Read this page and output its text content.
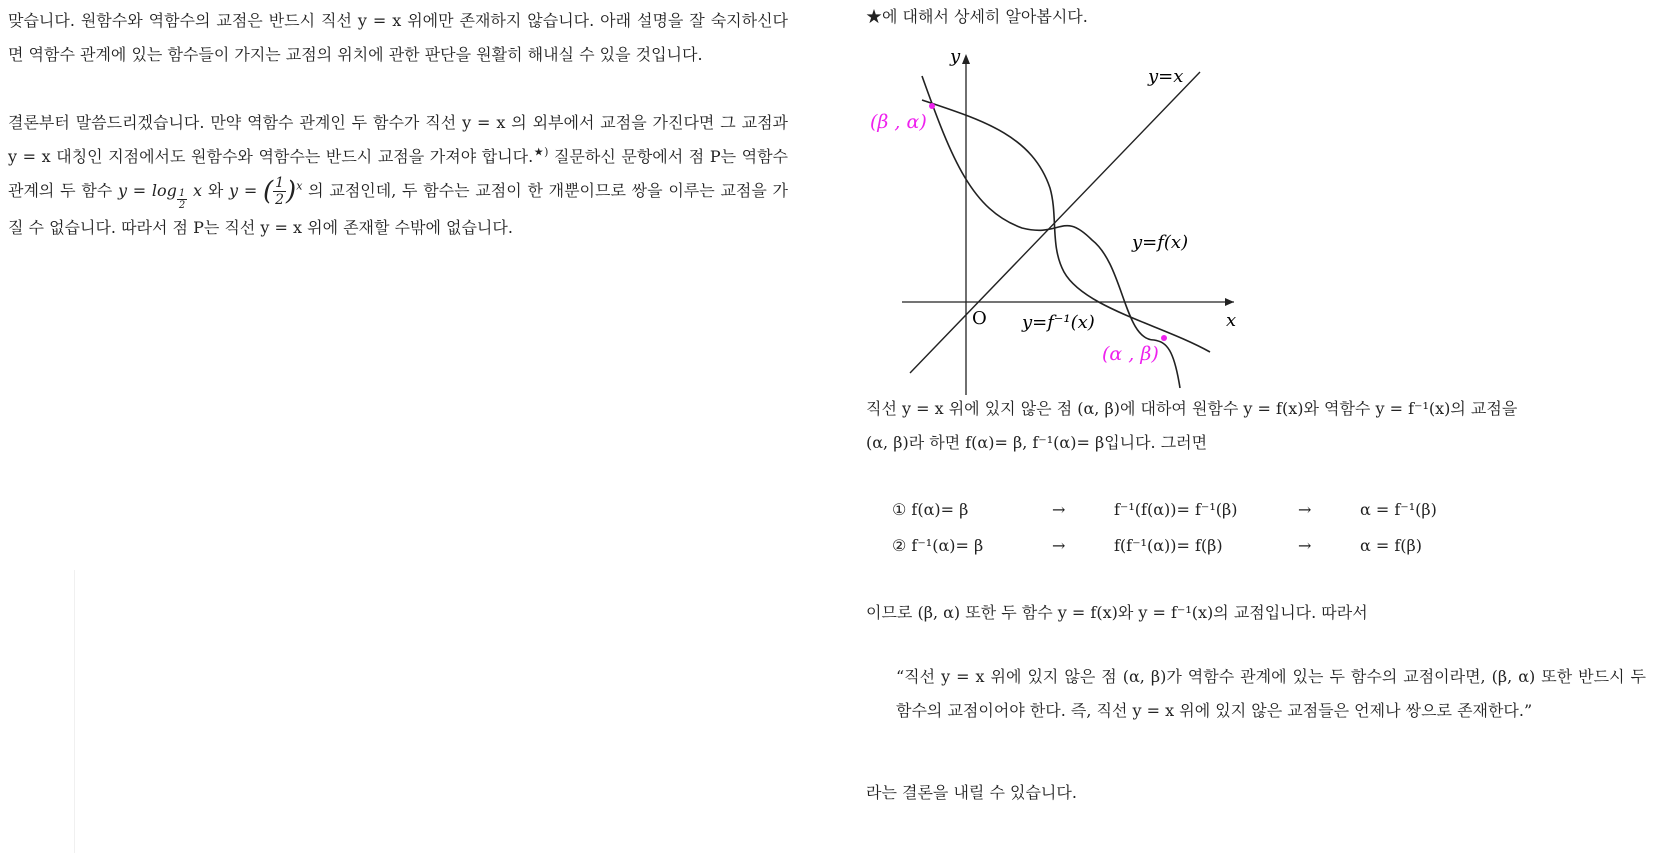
맞습니다. 원함수와 역함수의 교점은 반드시 직선 y = x 위에만 존재하지 않습니다. 아래 설명을 잘 숙지하신다면 역함수 관계에 있는 함수들이 가지는 교점의 위치에 관한 판단을 원활히 해내실 수 있을 것입니다.

결론부터 말씀드리겠습니다. 만약 역함수 관계인 두 함수가 직선 y = x 의 외부에서 교점을 가진다면 그 교점과 y = x 대칭인 지점에서도 원함수와 역함수는 반드시 교점을 가져야 합니다.★) 질문하신 문항에서 점 P는 역함수 관계의 두 함수 $y = \log \frac{1}{2}$ x 와 y = ( $\frac{1}{2} )^x$ 의 교점인데, 두 함수는 교점이 한 개뿐이므로 쌍을 이루는 교점을 가질 수 없습니다. 따라서 점 P는 직선 y = x 위에 존재할 수밖에 없습니다.

★에 대해서 상세히 알아봅시다.

y
x
O
y=x
y=f(x)
y=f⁻¹(x)
(β , α)
(α , β)

직선 y = x 위에 있지 않은 점 (α, β)에 대하여 원함수 y = f(x)와 역함수 y = f⁻¹(x)의 교점을

(α, β)라 하면 f(α)= β, f⁻¹(α)= β입니다. 그러면

① f(α)= β	→	f⁻¹(f(α))= f⁻¹(β)	→	α = f⁻¹(β)
② f⁻¹(α)= β	→	f(f⁻¹(α))= f(β)	→	α = f(β)

이므로 (β, α) 또한 두 함수 y = f(x)와 y = f⁻¹(x)의 교점입니다. 따라서

“직선 y = x 위에 있지 않은 점 (α, β)가 역함수 관계에 있는 두 함수의 교점이라면, (β, α) 또한 반드시 두 함수의 교점이어야 한다. 즉, 직선 y = x 위에 있지 않은 교점들은 언제나 쌍으로 존재한다.”

라는 결론을 내릴 수 있습니다.
